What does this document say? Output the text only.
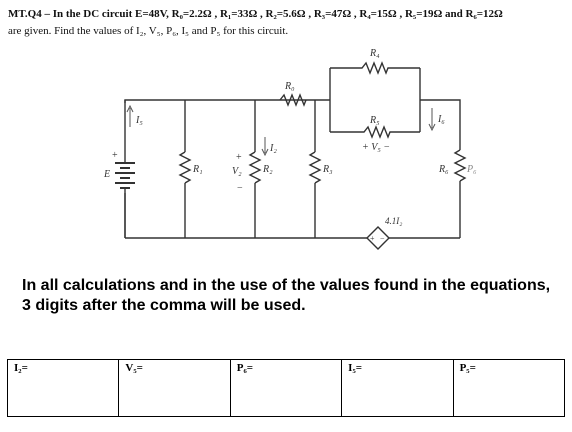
MT.Q4 – In the DC circuit E=48V, R₀=2.2Ω , R₁=33Ω , R₂=5.6Ω , R₃=47Ω , R₄=15Ω , R₅=19Ω and R₆=12Ω
are given. Find the values of I₂, V₅, P₆, I₅ and P₅ for this circuit.
E
+
I₅
R₁
+
V₂
−
R₂
I₂
R₀
R₃
R₄
R₅
+ V₅ −
R₆ P₆
I₆
4.1I₂
+ −
In all calculations and in the use of the values found in the equations, 3 digits after the comma will be used.
I₂=	V₅=	P₆=	I₅=	P₅=
